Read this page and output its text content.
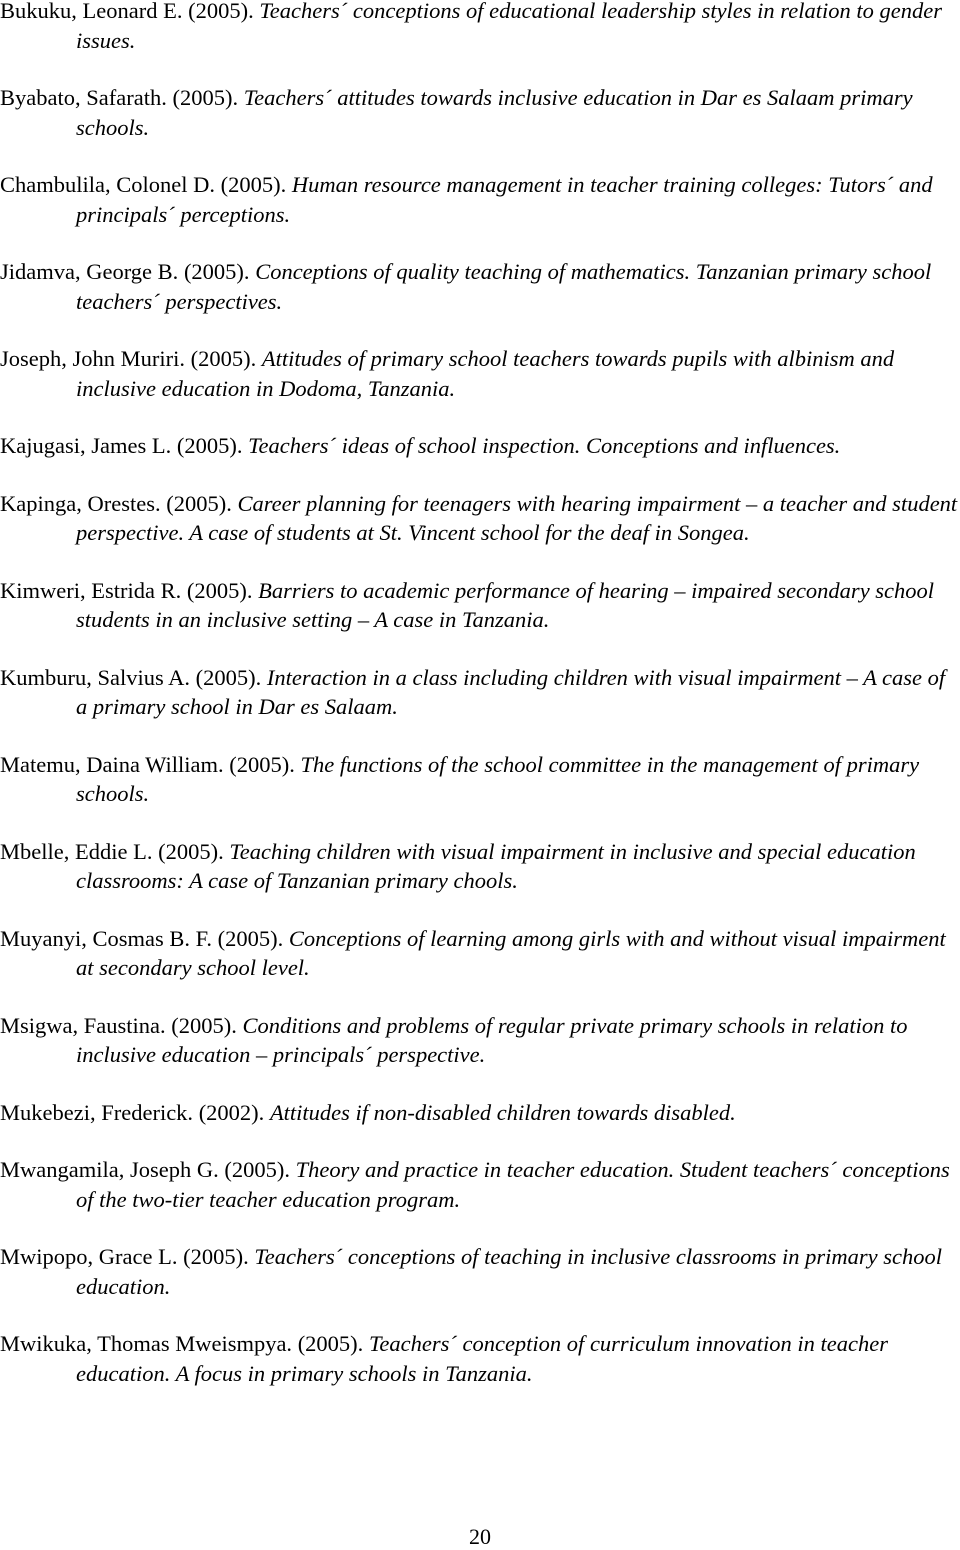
Bukuku, Leonard E. (2005). Teachers´ conceptions of educational leadership styles in relation to gender issues.
Byabato, Safarath. (2005). Teachers´ attitudes towards inclusive education in Dar es Salaam primary schools.
Chambulila, Colonel D. (2005). Human resource management in teacher training colleges: Tutors´ and principals´ perceptions.
Jidamva, George B. (2005). Conceptions of quality teaching of mathematics. Tanzanian primary school teachers´ perspectives.
Joseph, John Muriri. (2005). Attitudes of primary school teachers towards pupils with albinism and inclusive education in Dodoma, Tanzania.
Kajugasi, James L. (2005). Teachers´ ideas of school inspection. Conceptions and influences.
Kapinga, Orestes. (2005). Career planning for teenagers with hearing impairment – a teacher and student perspective. A case of students at St. Vincent school for the deaf in Songea.
Kimweri, Estrida R. (2005). Barriers to academic performance of hearing – impaired secondary school students in an inclusive setting – A case in Tanzania.
Kumburu, Salvius A. (2005). Interaction in a class including children with visual impairment – A case of a primary school in Dar es Salaam.
Matemu, Daina William. (2005). The functions of the school committee in the management of primary schools.
Mbelle, Eddie L. (2005). Teaching children with visual impairment in inclusive and special education classrooms: A case of Tanzanian primary chools.
Muyanyi, Cosmas B. F. (2005). Conceptions of learning among girls with and without visual impairment at secondary school level.
Msigwa, Faustina. (2005). Conditions and problems of regular private primary schools in relation to inclusive education – principals´ perspective.
Mukebezi, Frederick. (2002). Attitudes if non-disabled children towards disabled.
Mwangamila, Joseph G. (2005). Theory and practice in teacher education. Student teachers´ conceptions of the two-tier teacher education program.
Mwipopo, Grace L. (2005). Teachers´ conceptions of teaching in inclusive classrooms in primary school education.
Mwikuka, Thomas Mweismpya. (2005). Teachers´ conception of curriculum innovation in teacher education. A focus in primary schools in Tanzania.
20
